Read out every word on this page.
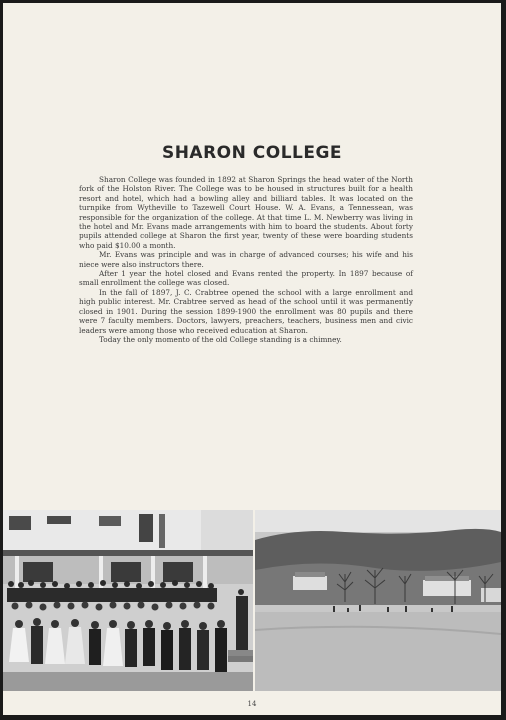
SHARON COLLEGE

Sharon College was founded in 1892 at Sharon Springs the head water of the North fork of the Holston River. The College was to be housed in structures built for a health resort and hotel, which had a bowling alley and billiard tables. It was located on the turnpike from Wytheville to Tazewell Court House. W. A. Evans, a Tennessean, was responsible for the organization of the college. At that time L. M. Newberry was living in the hotel and Mr. Evans made arrangements with him to board the students. About forty pupils attended college at Sharon the first year, twenty of these were boarding students who paid $10.00 a month.

Mr. Evans was principle and was in charge of advanced courses; his wife and his niece were also instructors there.

After 1 year the hotel closed and Evans rented the property. In 1897 because of small enrollment the college was closed.

In the fall of 1897, J. C. Crabtree opened the school with a large enrollment and high public interest. Mr. Crabtree served as head of the school until it was permanently closed in 1901. During the session 1899-1900 the enrollment was 80 pupils and there were 7 faculty members. Doctors, lawyers, preachers, teachers, business men and civic leaders were among those who received education at Sharon.

Today the only momento of the old College standing is a chimney.

14
